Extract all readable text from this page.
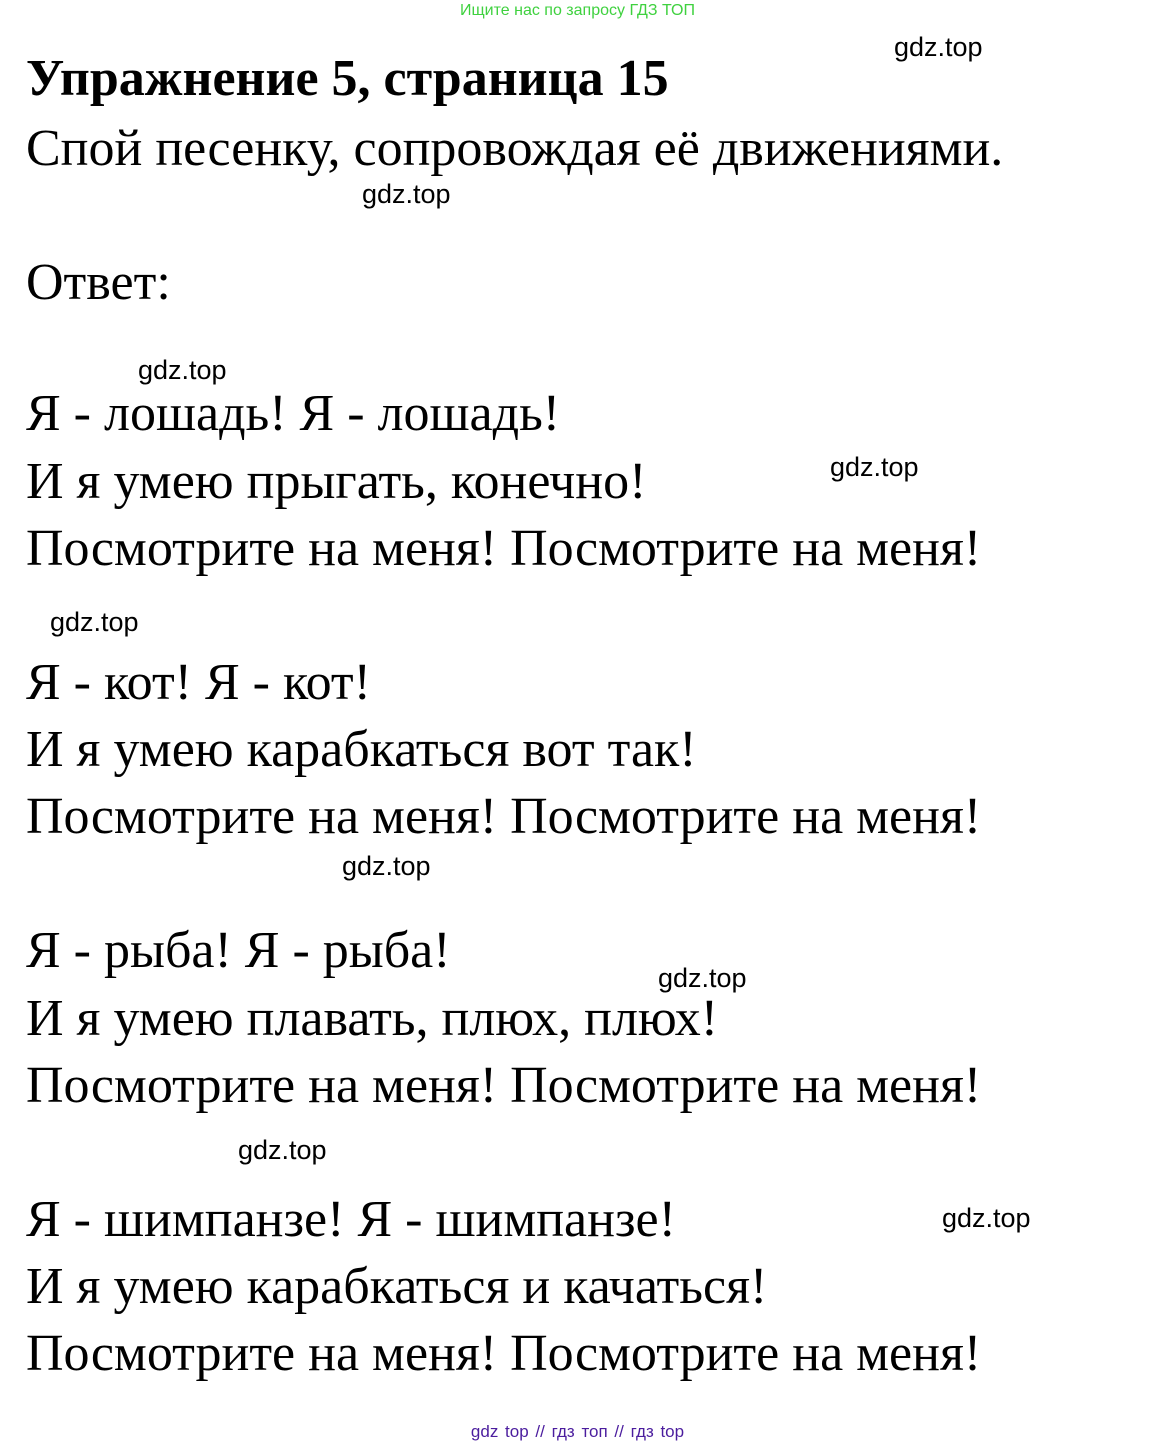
Ищите нас по запросу ГДЗ ТОП
Упражнение 5, страница 15
Спой песенку, сопровождая её движениями.
Ответ:
Я - лошадь! Я - лошадь!
И я умею прыгать, конечно!
Посмотрите на меня! Посмотрите на меня!
Я - кот! Я - кот!
И я умею карабкаться вот так!
Посмотрите на меня! Посмотрите на меня!
Я - рыба! Я - рыба!
И я умею плавать, плюх, плюх!
Посмотрите на меня! Посмотрите на меня!
Я - шимпанзе! Я - шимпанзе!
И я умею карабкаться и качаться!
Посмотрите на меня! Посмотрите на меня!
gdz.top
gdz.top
gdz.top
gdz.top
gdz.top
gdz.top
gdz.top
gdz.top
gdz.top
gdz top // гдз топ // гдз top
